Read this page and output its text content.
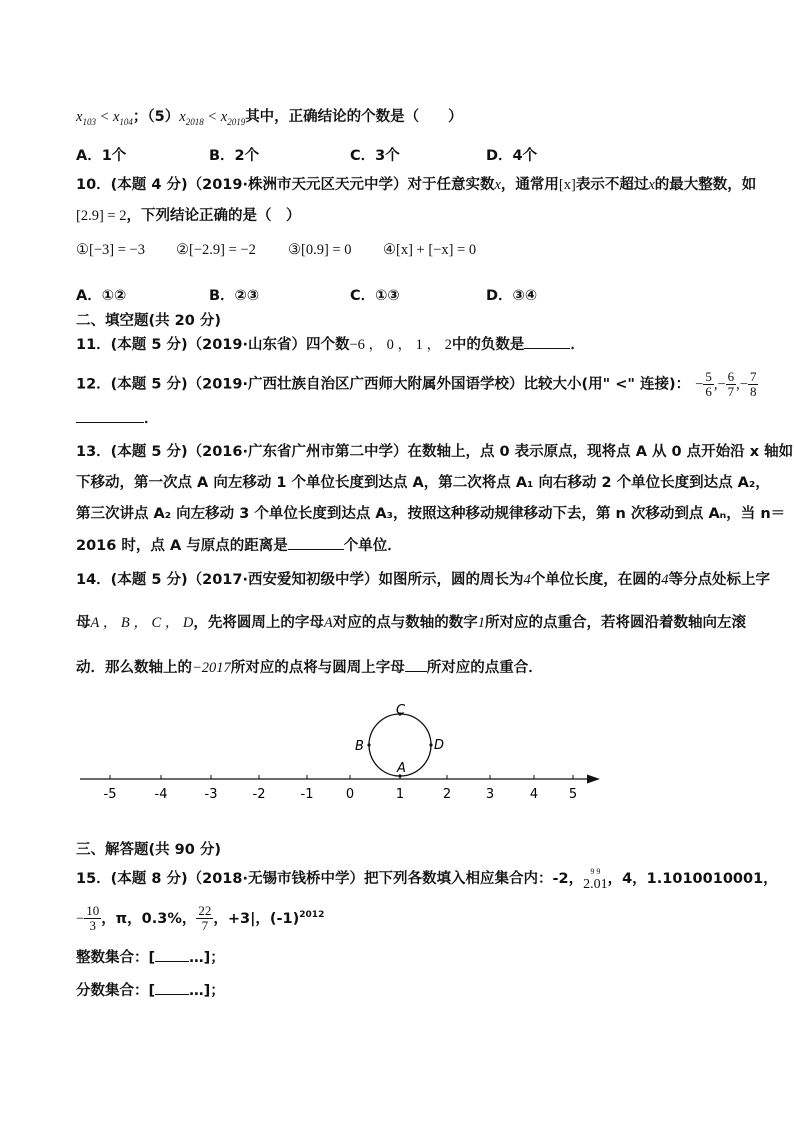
$x_{103} < x_{104}$；$(5)x_{2018} < x_{2019}$其中，正确结论的个数是（　　）
A．1个	B．2个	C．3个	D．4个
10．(本题 4 分)（2019·株洲市天元区天元中学）对于任意实数x，通常用[x]表示不超过x的最大整数，如
[2.9] = 2，下列结论正确的是（　）
①[−3] = −3 ②[−2.9] = −2 ③[0.9] = 0 ④[x] + [−x] = 0
A．①②	B．②③	C．①③	D．③④
二、填空题(共 20 分)
11．(本题 5 分)（2019·山东省）四个数−6 ， 0 ， 1 ， 2中的负数是	．
12．(本题 5 分)（2019·广西壮族自治区广西师大附属外国语学校）比较大小(用" <" 连接)： − $\frac{5}{6}$ ,− $\frac{6}{7}$ ,− $\frac{7}{8}$
．
13．(本题 5 分)（2016·广东省广州市第二中学）在数轴上，点 0 表示原点，现将点 A 从 0 点开始沿 x 轴如
下移动，第一次点 A 向左移动 1 个单位长度到达点 A，第二次将点 A₁ 向右移动 2 个单位长度到达点 A₂，
第三次讲点 A₂ 向左移动 3 个单位长度到达点 A₃，按照这种移动规律移动下去，第 n 次移动到点 Aₙ，当 n＝
2016 时，点 A 与原点的距离是	个单位．
14．(本题 5 分)（2017·西安爱知初级中学）如图所示，圆的周长为4个单位长度，在圆的4等分点处标上字
母A ， B ， C ， D，先将圆周上的字母A对应的点与数轴的数字1所对应的点重合，若将圆沿着数轴向左滚
动．那么数轴上的−2017所对应的点将与圆周上字母 所对应的点重合．
-5	-4	-3	-2	-1 0	1	2	3	4 5
A
B
C
D
三、解答题(共 90 分)
15．(本题 8 分)（2018·无锡市钱桥中学）把下列各数填入相应集合内：-2， 9 9
2.01 ，4，1.1010010001，
− $\frac{10}{3}$ ，π，0.3%， $\frac{22}{7}$ ，+3|，$(-1)^{2012}$
整数集合：[ …]；
分数集合：[ …]；
